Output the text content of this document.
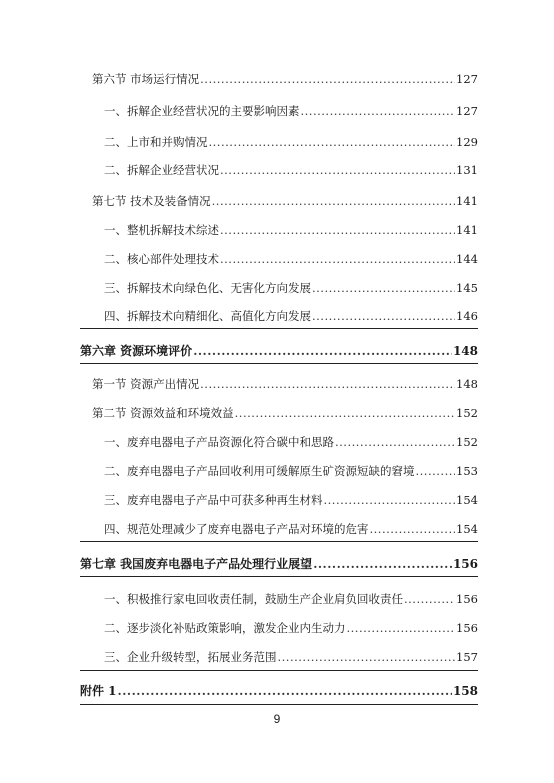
第六节 市场运行情况 .....	127
一、拆解企业经营状况的主要影响因素 .....	127
二、上市和并购情况 .....	129
二、拆解企业经营状况 .....	131
第七节 技术及装备情况 .....	141
一、整机拆解技术综述 .....	141
二、核心部件处理技术 .....	144
三、拆解技术向绿色化、无害化方向发展 .....	145
四、拆解技术向精细化、高值化方向发展 .....	146
第六章 资源环境评价 .....	148
第一节 资源产出情况 .....	148
第二节 资源效益和环境效益 .....	152
一、废弃电器电子产品资源化符合碳中和思路 .....	152
二、废弃电器电子产品回收利用可缓解原生矿资源短缺的窘境 .....	153
三、废弃电器电子产品中可获多种再生材料 .....	154
四、规范处理减少了废弃电器电子产品对环境的危害 .....	154
第七章 我国废弃电器电子产品处理行业展望 .....	156
一、积极推行家电回收责任制，鼓励生产企业肩负回收责任 .....	156
二、逐步淡化补贴政策影响，激发企业内生动力 .....	156
三、企业升级转型，拓展业务范围 .....	157
附件 1 .....	158
9
